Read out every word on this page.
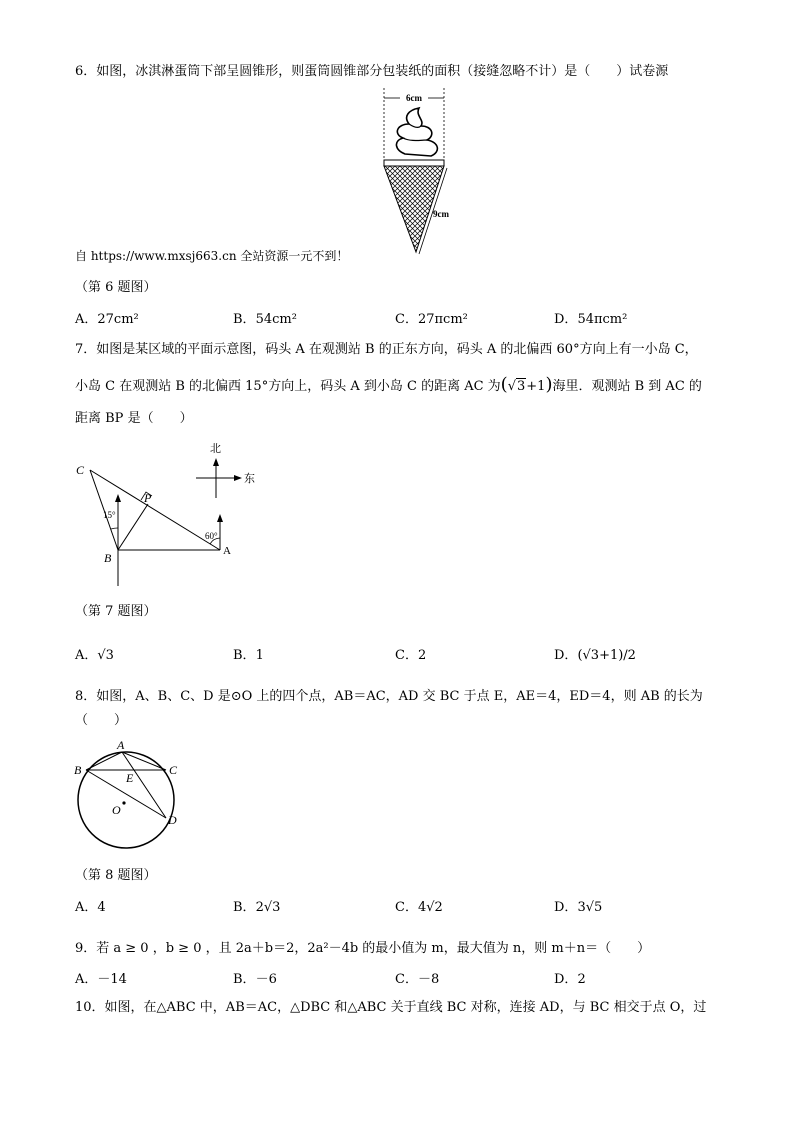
6．如图，冰淇淋蛋筒下部呈圆锥形，则蛋筒圆锥部分包装纸的面积（接缝忽略不计）是（　　）试卷源
6cm
9cm
自 https://www.mxsj663.cn 全站资源一元不到！
（第 6 题图）
A．27cm²	B．54cm²	C．27πcm²	D．54πcm²
7．如图是某区域的平面示意图，码头 A 在观测站 B 的正东方向，码头 A 的北偏西 60°方向上有一小岛 C，
小岛 C 在观测站 B 的北偏西 15°方向上，码头 A 到小岛 C 的距离 AC 为(√3+1)海里．观测站 B 到 AC 的
距离 BP 是（　　）
北
东
C
P
B	A
15°
60°
（第 7 题图）
A．√3	B．1	C．2	D．(√3+1)/2
8．如图，A、B、C、D 是⊙O 上的四个点，AB＝AC，AD 交 BC 于点 E，AE＝4，ED＝4，则 AB 的长为
（　　）
A
B	C
D
E
O
（第 8 题图）
A．4	B．2√3	C．4√2	D．3√5
9．若 a ≥ 0 ，b ≥ 0 ，且 2a＋b＝2，2a²－4b 的最小值为 m，最大值为 n，则 m＋n＝（　　）
A．－14	B．－6	C．－8	D．2
10．如图，在△ABC 中，AB＝AC，△DBC 和△ABC 关于直线 BC 对称，连接 AD，与 BC 相交于点 O，过
